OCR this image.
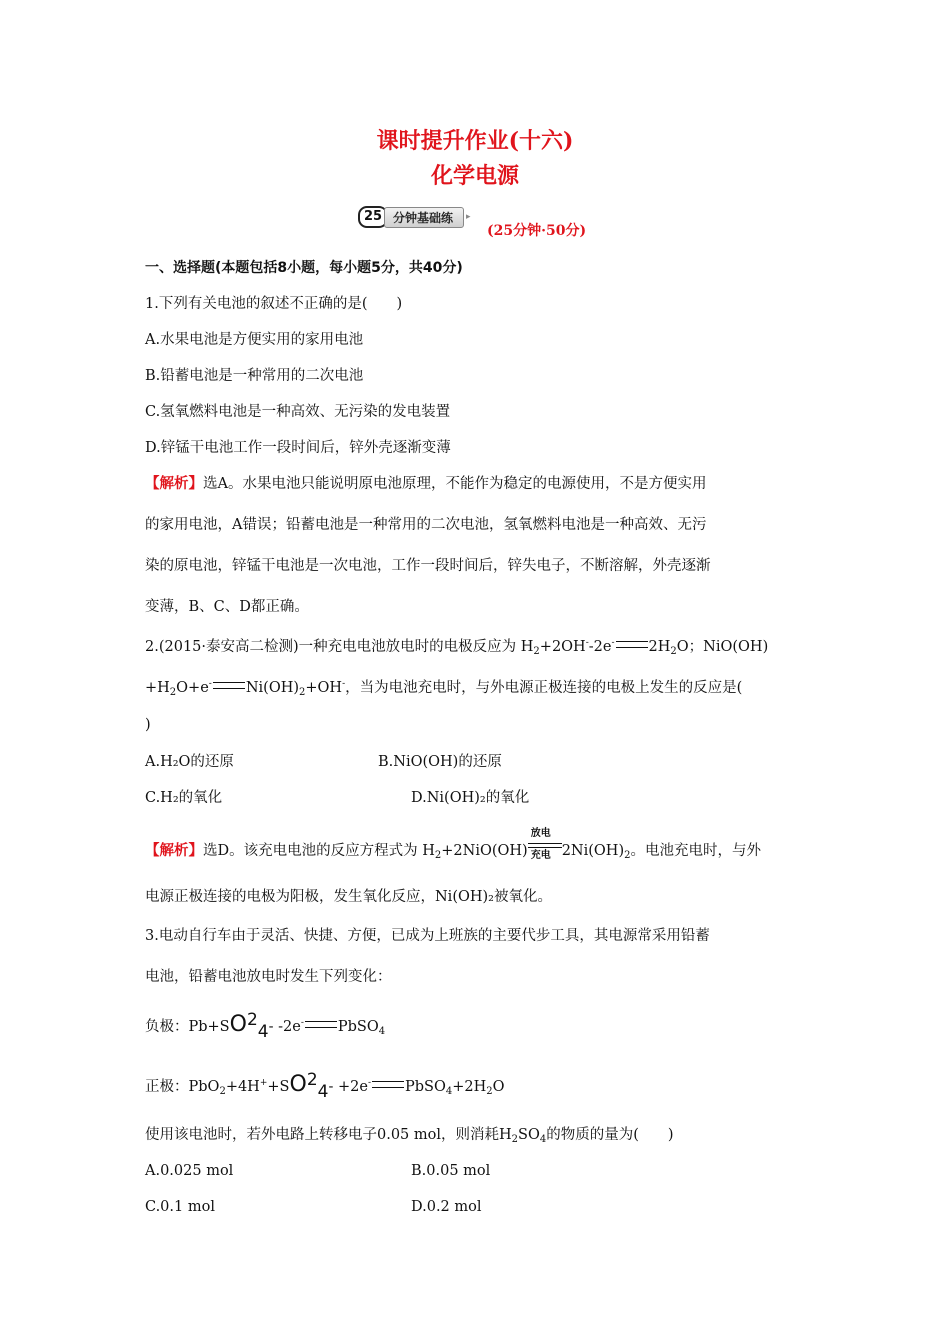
课时提升作业(十六)
化学电源
25 分钟基础练	▸
(25分钟·50分)
一、选择题(本题包括8小题，每小题5分，共40分)
1.下列有关电池的叙述不正确的是(　　)
A.水果电池是方便实用的家用电池
B.铅蓄电池是一种常用的二次电池
C.氢氧燃料电池是一种高效、无污染的发电装置
D.锌锰干电池工作一段时间后，锌外壳逐渐变薄
【解析】选A。水果电池只能说明原电池原理，不能作为稳定的电源使用，不是方便实用
的家用电池，A错误；铅蓄电池是一种常用的二次电池，氢氧燃料电池是一种高效、无污
染的原电池，锌锰干电池是一次电池，工作一段时间后，锌失电子，不断溶解，外壳逐渐
变薄，B、C、D都正确。
2.(2015·泰安高二检测)一种充电电池放电时的电极反应为 $H_2+2OH^--2e^-$ $2H_2O$；NiO(OH)
$+H_2O+e^-$ $Ni(OH)_2+OH^-$，当为电池充电时，与外电源正极连接的电极上发生的反应是(
)
A.H₂O的还原	B.NiO(OH)的还原
C.H₂的氧化	D.Ni(OH)₂的氧化
【解析】选D。该充电电池的反应方程式为 $H_2+2NiO(OH)$
放电
充电 $2Ni(OH)_2$。电池充电时，与外
电源正极连接的电极为阳极，发生氧化反应，Ni(OH)₂被氧化。
3.电动自行车由于灵活、快捷、方便，已成为上班族的主要代步工具，其电源常采用铅蓄
电池，铅蓄电池放电时发生下列变化：
负极：Pb+SO24- -2e- PbSO$_4$
正极：PbO$_2$+4H++SO24- +2e- $PbSO_4+2H_2O$
使用该电池时，若外电路上转移电子0.05 mol，则消耗$H_2SO_4$的物质的量为(　　)
A.0.025 mol	B.0.05 mol
C.0.1 mol	D.0.2 mol
